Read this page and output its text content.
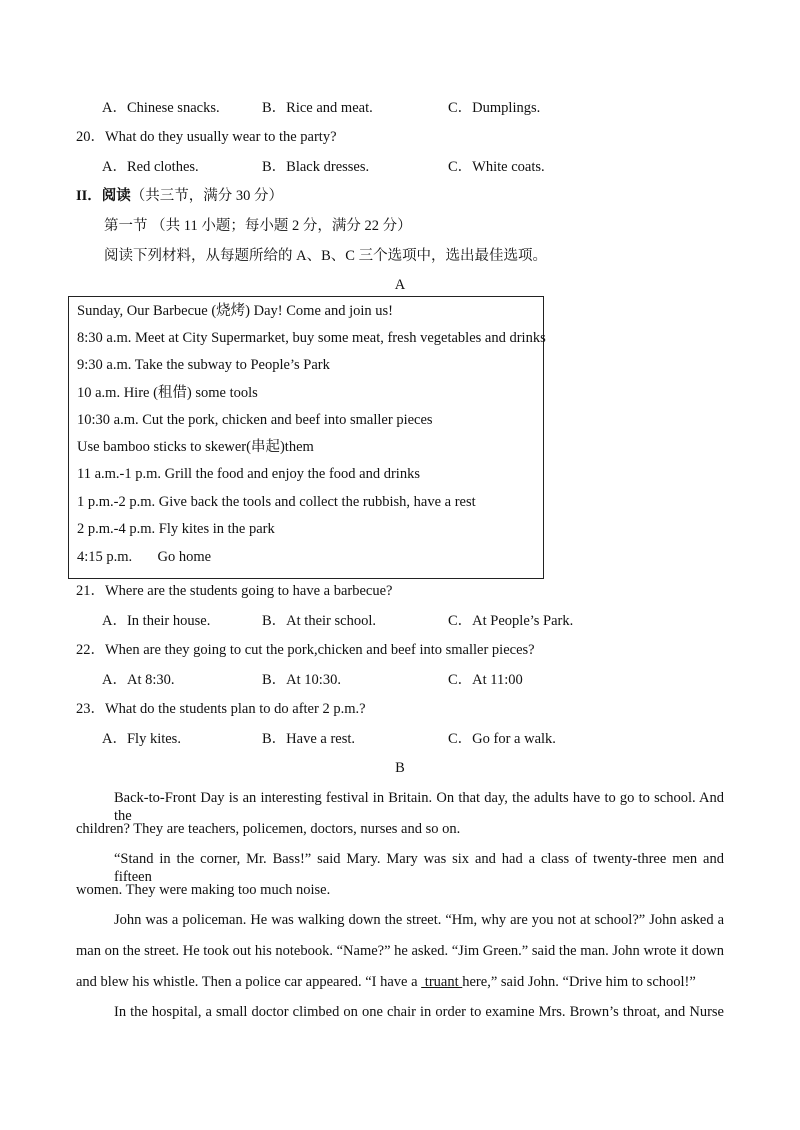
A．Chinese snacks.	B．Rice and meat.	C．Dumplings.
20．What do they usually wear to the party?
A．Red clothes.	B．Black dresses.	C．White coats.
II．阅读（共三节，满分 30 分）
第一节 （共 11 小题；每小题 2 分，满分 22 分）
阅读下列材料，从每题所给的 A、B、C 三个选项中，选出最佳选项。
A
Sunday, Our Barbecue (烧烤) Day! Come and join us!
8:30 a.m. Meet at City Supermarket, buy some meat, fresh vegetables and drinks
9:30 a.m. Take the subway to People’s Park
10 a.m. Hire (租借) some tools
10:30 a.m. Cut the pork, chicken and beef into smaller pieces
Use bamboo sticks to skewer(串起)them
11 a.m.-1 p.m. Grill the food and enjoy the food and drinks
1 p.m.-2 p.m. Give back the tools and collect the rubbish, have a rest
2 p.m.-4 p.m. Fly kites in the park
4:15 p.m.       Go home
21．Where are the students going to have a barbecue?
A．In their house.	B．At their school.	C．At People’s Park.
22．When are they going to cut the pork,chicken and beef into smaller pieces?
A．At 8:30.	B．At 10:30.	C．At 11:00
23．What do the students plan to do after 2 p.m.?
A．Fly kites.	B．Have a rest.	C．Go for a walk.
B
Back-to-Front Day is an interesting festival in Britain. On that day, the adults have to go to school. And the
children? They are teachers, policemen, doctors, nurses and so on.
“Stand in the corner, Mr. Bass!” said Mary. Mary was six and had a class of twenty-three men and fifteen
women. They were making too much noise.
John was a policeman. He was walking down the street. “Hm, why are you not at school?” John asked a
man on the street. He took out his notebook. “Name?” he asked. “Jim Green.” said the man. John wrote it down
and blew his whistle. Then a police car appeared. “I have a  truant here,” said John. “Drive him to school!”
In the hospital, a small doctor climbed on one chair in order to examine Mrs. Brown’s throat, and Nurse
